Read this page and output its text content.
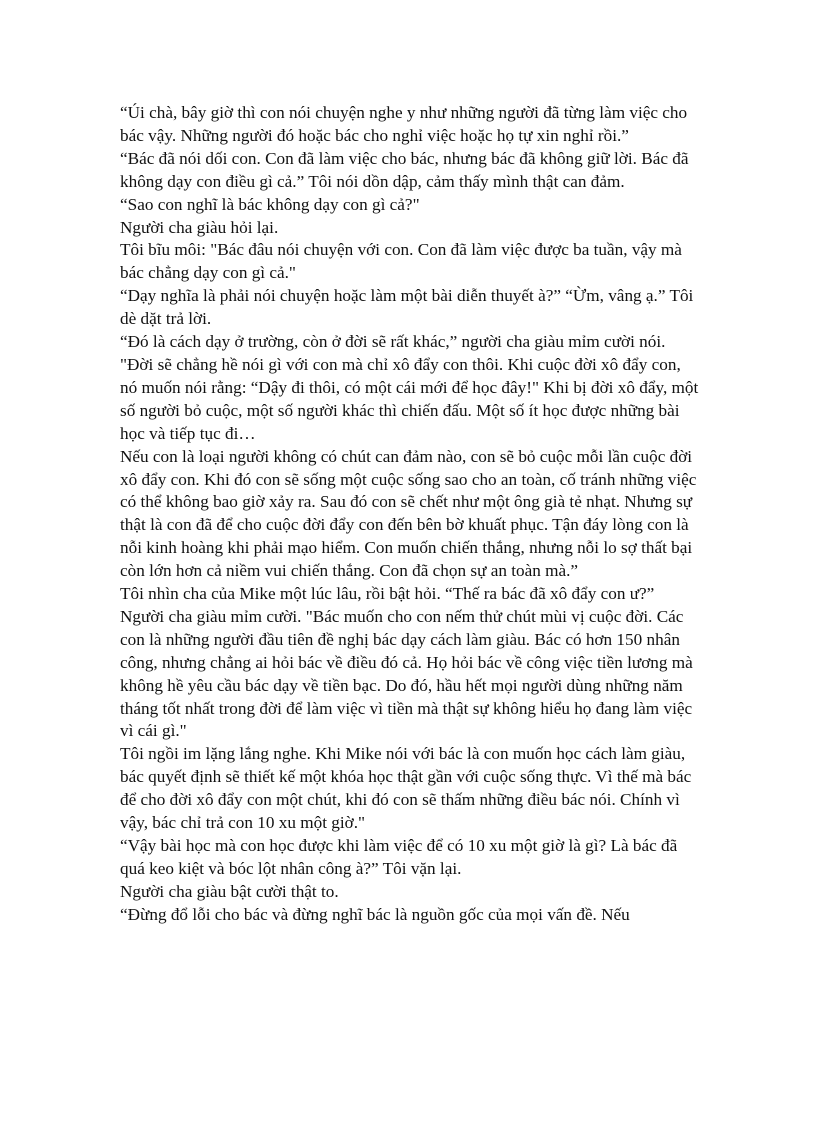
“Úi chà, bây giờ thì con nói chuyện nghe y như những người đã từng làm việc cho bác vậy. Những người đó hoặc bác cho nghỉ việc hoặc họ tự xin nghỉ rồi.”

“Bác đã nói dối con. Con đã làm việc cho bác, nhưng bác đã không giữ lời. Bác đã không dạy con điều gì cả.” Tôi nói dồn dập, cảm thấy mình thật can đảm.

“Sao con nghĩ là bác không dạy con gì cả?"

Người cha giàu hỏi lại.

Tôi bĩu môi: "Bác đâu nói chuyện với con. Con đã làm việc được ba tuần, vậy mà bác chẳng dạy con gì cả."

“Dạy nghĩa là phải nói chuyện hoặc làm một bài diễn thuyết à?” “Ừm, vâng ạ.” Tôi dè dặt trả lời.

“Đó là cách dạy ở trường, còn ở đời sẽ rất khác,” người cha giàu mỉm cười nói. "Đời sẽ chẳng hề nói gì với con mà chỉ xô đẩy con thôi. Khi cuộc đời xô đẩy con, nó muốn nói rằng: “Dậy đi thôi, có một cái mới để học đây!" Khi bị đời xô đẩy, một số người bỏ cuộc, một số người khác thì chiến đấu. Một số ít học được những bài học và tiếp tục đi…

Nếu con là loại người không có chút can đảm nào, con sẽ bỏ cuộc mỗi lần cuộc đời xô đẩy con. Khi đó con sẽ sống một cuộc sống sao cho an toàn, cố tránh những việc có thể không bao giờ xảy ra. Sau đó con sẽ chết như một ông già tẻ nhạt. Nhưng sự thật là con đã để cho cuộc đời đẩy con đến bên bờ khuất phục. Tận đáy lòng con là nỗi kinh hoàng khi phải mạo hiểm. Con muốn chiến thắng, nhưng nỗi lo sợ thất bại còn lớn hơn cả niềm vui chiến thắng. Con đã chọn sự an toàn mà.”

Tôi nhìn cha của Mike một lúc lâu, rồi bật hỏi. “Thế ra bác đã xô đẩy con ư?”

Người cha giàu mỉm cười. "Bác muốn cho con nếm thử chút mùi vị cuộc đời. Các con là những người đầu tiên đề nghị bác dạy cách làm giàu. Bác có hơn 150 nhân công, nhưng chẳng ai hỏi bác về điều đó cả. Họ hỏi bác về công việc tiền lương mà không hề yêu cầu bác dạy về tiền bạc. Do đó, hầu hết mọi người dùng những năm tháng tốt nhất trong đời để làm việc vì tiền mà thật sự không hiểu họ đang làm việc vì cái gì."

Tôi ngồi im lặng lắng nghe. Khi Mike nói với bác là con muốn học cách làm giàu, bác quyết định sẽ thiết kế một khóa học thật gần với cuộc sống thực. Vì thế mà bác để cho đời xô đẩy con một chút, khi đó con sẽ thấm những điều bác nói. Chính vì vậy, bác chỉ trả con 10 xu một giờ."

“Vậy bài học mà con học được khi làm việc để có 10 xu một giờ là gì? Là bác đã quá keo kiệt và bóc lột nhân công à?” Tôi vặn lại.

Người cha giàu bật cười thật to.

“Đừng đổ lỗi cho bác và đừng nghĩ bác là nguồn gốc của mọi vấn đề. Nếu
